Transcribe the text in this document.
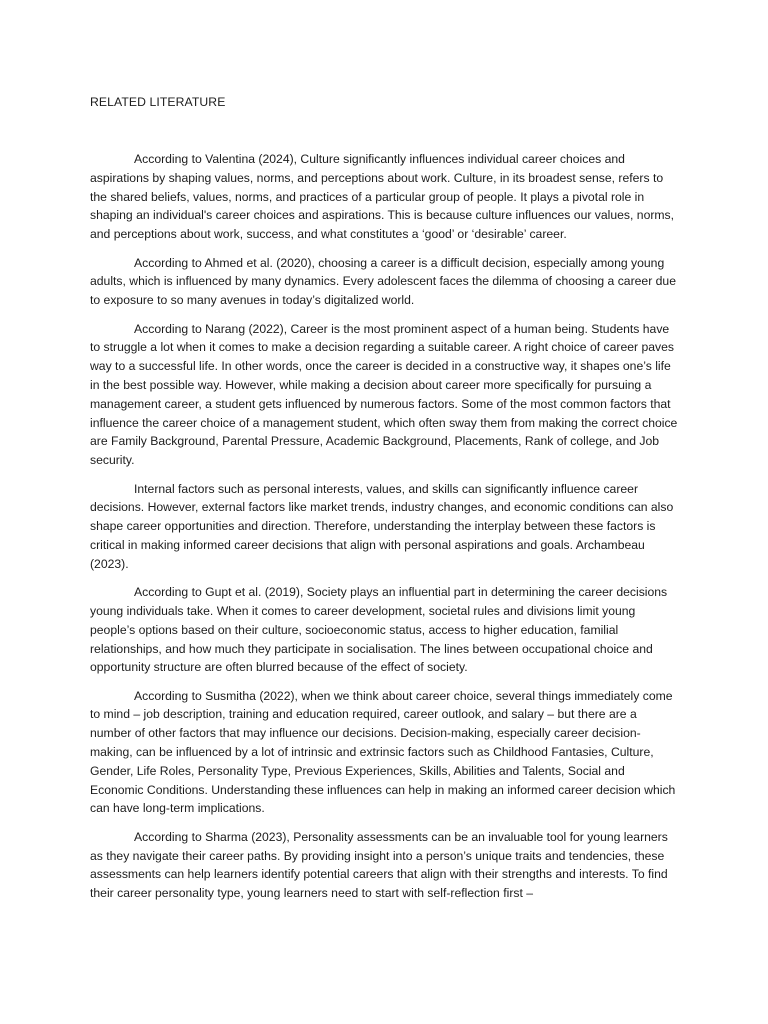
RELATED LITERATURE

According to Valentina (2024), Culture significantly influences individual career choices and aspirations by shaping values, norms, and perceptions about work. Culture, in its broadest sense, refers to the shared beliefs, values, norms, and practices of a particular group of people. It plays a pivotal role in shaping an individual's career choices and aspirations. This is because culture influences our values, norms, and perceptions about work, success, and what constitutes a ‘good’ or ‘desirable’ career.

According to Ahmed et al. (2020), choosing a career is a difficult decision, especially among young adults, which is influenced by many dynamics. Every adolescent faces the dilemma of choosing a career due to exposure to so many avenues in today’s digitalized world.

According to Narang (2022), Career is the most prominent aspect of a human being. Students have to struggle a lot when it comes to make a decision regarding a suitable career. A right choice of career paves way to a successful life. In other words, once the career is decided in a constructive way, it shapes one’s life in the best possible way. However, while making a decision about career more specifically for pursuing a management career, a student gets influenced by numerous factors. Some of the most common factors that influence the career choice of a management student, which often sway them from making the correct choice are Family Background, Parental Pressure, Academic Background, Placements, Rank of college, and Job security.

Internal factors such as personal interests, values, and skills can significantly influence career decisions. However, external factors like market trends, industry changes, and economic conditions can also shape career opportunities and direction. Therefore, understanding the interplay between these factors is critical in making informed career decisions that align with personal aspirations and goals. Archambeau (2023).

According to Gupt et al. (2019), Society plays an influential part in determining the career decisions young individuals take. When it comes to career development, societal rules and divisions limit young people’s options based on their culture, socioeconomic status, access to higher education, familial relationships, and how much they participate in socialisation. The lines between occupational choice and opportunity structure are often blurred because of the effect of society.

According to Susmitha (2022), when we think about career choice, several things immediately come to mind – job description, training and education required, career outlook, and salary – but there are a number of other factors that may influence our decisions. Decision-making, especially career decision-making, can be influenced by a lot of intrinsic and extrinsic factors such as Childhood Fantasies, Culture, Gender, Life Roles, Personality Type, Previous Experiences, Skills, Abilities and Talents, Social and Economic Conditions. Understanding these influences can help in making an informed career decision which can have long-term implications.

According to Sharma (2023), Personality assessments can be an invaluable tool for young learners as they navigate their career paths. By providing insight into a person’s unique traits and tendencies, these assessments can help learners identify potential careers that align with their strengths and interests. To find their career personality type, young learners need to start with self-reflection first –
